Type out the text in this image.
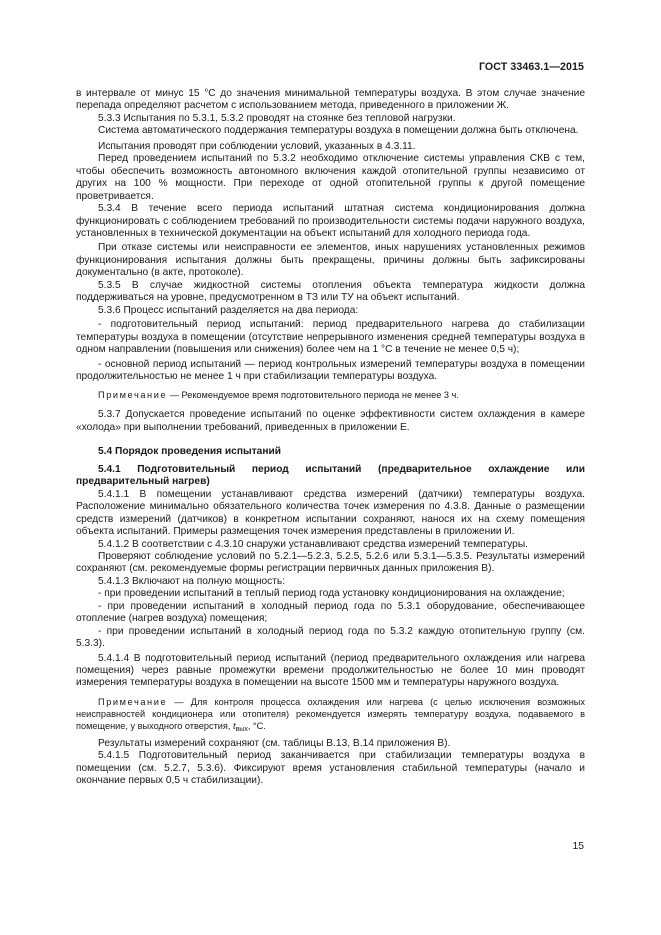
ГОСТ 33463.1—2015

в интервале от минус 15 °С до значения минимальной температуры воздуха. В этом случае значение перепада определяют расчетом с использованием метода, приведенного в приложении Ж.

5.3.3 Испытания по 5.3.1, 5.3.2 проводят на стоянке без тепловой нагрузки.

Система автоматического поддержания температуры воздуха в помещении должна быть отключена.

Испытания проводят при соблюдении условий, указанных в 4.3.11.

Перед проведением испытаний по 5.3.2 необходимо отключение системы управления СКВ с тем, чтобы обеспечить возможность автономного включения каждой отопительной группы независимо от других на 100 % мощности. При переходе от одной отопительной группы к другой помещение проветривается.

5.3.4 В течение всего периода испытаний штатная система кондиционирования должна функционировать с соблюдением требований по производительности системы подачи наружного воздуха, установленных в технической документации на объект испытаний для холодного периода года.

При отказе системы или неисправности ее элементов, иных нарушениях установленных режимов функционирования испытания должны быть прекращены, причины должны быть зафиксированы документально (в акте, протоколе).

5.3.5 В случае жидкостной системы отопления объекта температура жидкости должна поддерживаться на уровне, предусмотренном в ТЗ или ТУ на объект испытаний.

5.3.6 Процесс испытаний разделяется на два периода:

- подготовительный период испытаний: период предварительного нагрева до стабилизации температуры воздуха в помещении (отсутствие непрерывного изменения средней температуры воздуха в одном направлении (повышения или снижения) более чем на 1 °С в течение не менее 0,5 ч);

- основной период испытаний — период контрольных измерений температуры воздуха в помещении продолжительностью не менее 1 ч при стабилизации температуры воздуха.

Примечание — Рекомендуемое время подготовительного периода не менее 3 ч.

5.3.7 Допускается проведение испытаний по оценке эффективности систем охлаждения в камере «холода» при выполнении требований, приведенных в приложении Е.

5.4 Порядок проведения испытаний

5.4.1 Подготовительный период испытаний (предварительное охлаждение или предварительный нагрев)

5.4.1.1 В помещении устанавливают средства измерений (датчики) температуры воздуха. Расположение минимально обязательного количества точек измерения по 4.3.8. Данные о размещении средств измерений (датчиков) в конкретном испытании сохраняют, нанося их на схему помещения объекта испытаний. Примеры размещения точек измерения представлены в приложении И.

5.4.1.2 В соответствии с 4.3.10 снаружи устанавливают средства измерений температуры.

Проверяют соблюдение условий по 5.2.1—5.2.3, 5.2.5, 5.2.6 или 5.3.1—5.3.5. Результаты измерений сохраняют (см. рекомендуемые формы регистрации первичных данных приложения В).

5.4.1.3 Включают на полную мощность:

- при проведении испытаний в теплый период года установку кондиционирования на охлаждение;

- при проведении испытаний в холодный период года по 5.3.1 оборудование, обеспечивающее отопление (нагрев воздуха) помещения;

- при проведении испытаний в холодный период года по 5.3.2 каждую отопительную группу (см. 5.3.3).

5.4.1.4 В подготовительный период испытаний (период предварительного охлаждения или нагрева помещения) через равные промежутки времени продолжительностью не более 10 мин проводят измерения температуры воздуха в помещении на высоте 1500 мм и температуры наружного воздуха.

Примечание — Для контроля процесса охлаждения или нагрева (с целью исключения возможных неисправностей кондиционера или отопителя) рекомендуется измерять температуру воздуха, подаваемого в помещение, у выходного отверстия, $t_{вых}$, °С.

Результаты измерений сохраняют (см. таблицы В.13, В.14 приложения В).

5.4.1.5 Подготовительный период заканчивается при стабилизации температуры воздуха в помещении (см. 5.2.7, 5.3.6). Фиксируют время установления стабильной температуры (начало и окончание первых 0,5 ч стабилизации).

15
